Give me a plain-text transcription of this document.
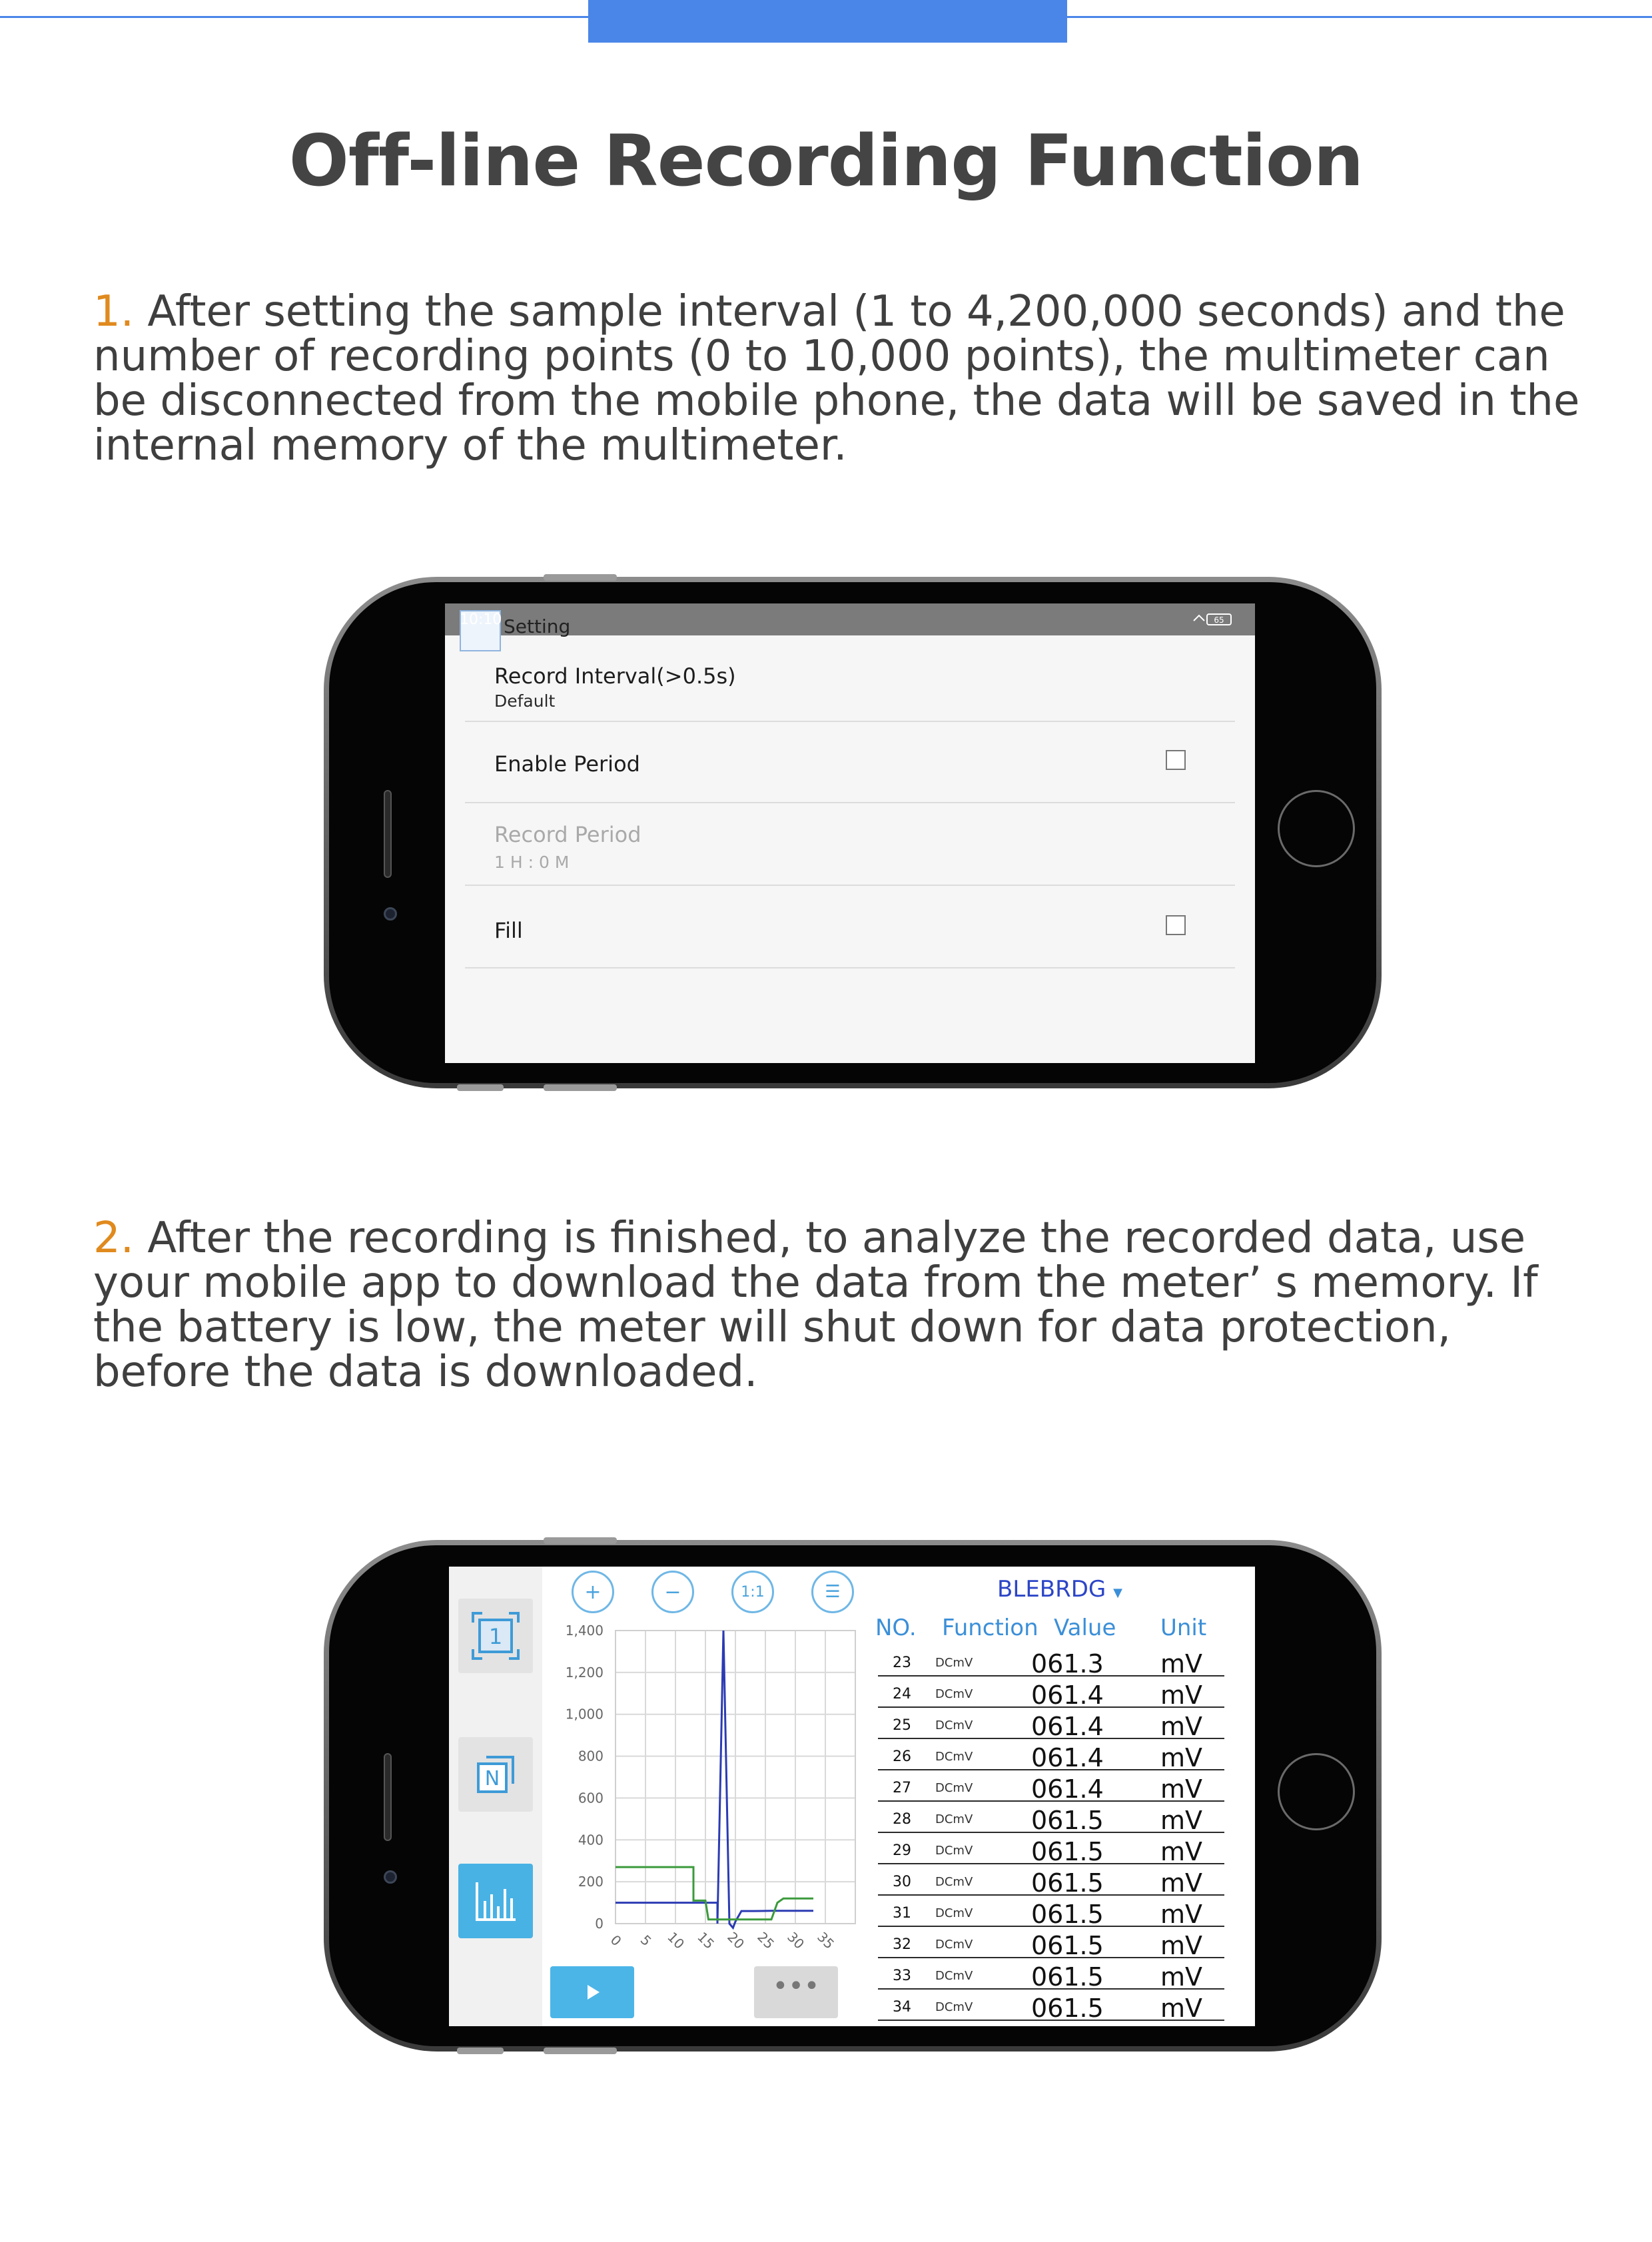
Off-line Recording Function
1. After setting the sample interval (1 to 4,200,000 seconds) and the number of recording points (0 to 10,000 points), the multimeter can be disconnected from the mobile phone, the data will be saved in the internal memory of the multimeter.
10:10 Setting	65
Record Interval(>0.5s)
Default
Enable Period
Record Period
1 H : 0 M
Fill
2. After the recording is finished, to analyze the recorded data, use your mobile app to download the data from the meter’ s memory. If the battery is low, the meter will shut down for data protection, before the data is downloaded.
1
N
+	−	1:1	☰
0
200
400
600
800
1,000
1,200
1,400
0 5 10 15 20 25 30 35
•••
BLEBRDG ▼
NO. Function Value Unit
23 DCmV 061.3 mV
24 DCmV 061.4 mV
25 DCmV 061.4 mV
26 DCmV 061.4 mV
27 DCmV 061.4 mV
28 DCmV 061.5 mV
29 DCmV 061.5 mV
30 DCmV 061.5 mV
31 DCmV 061.5 mV
32 DCmV 061.5 mV
33 DCmV 061.5 mV
34 DCmV 061.5 mV
